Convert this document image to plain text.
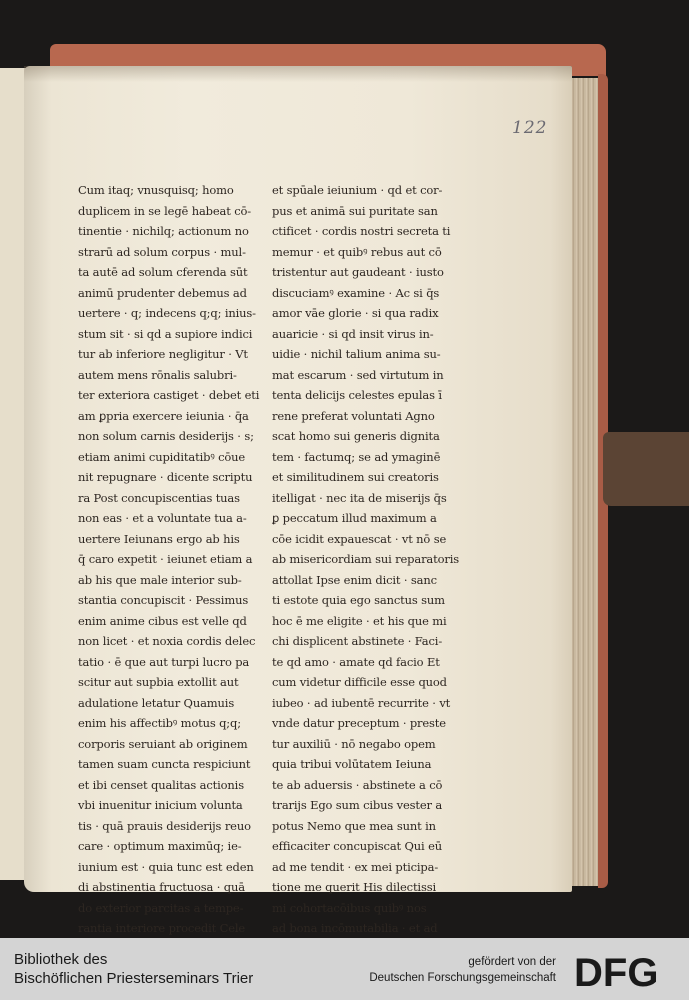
122
Cum itaq; vnusquisq; homo
duplicem in se legē habeat cō-
tinentie · nichilq; actionum no
strarū ad solum corpus · mul-
ta autē ad solum cferenda sūt
animū prudenter debemus ad
uertere · q; indecens q;q; inius-
stum sit · si qd a supiore indici
tur ab inferiore negligitur · Vt
autem mens rōnalis salubri-
ter exteriora castiget · debet eti
am ꝑpria exercere ieiunia · q̄a
non solum carnis desiderijs · s;
etiam animi cupiditatibꝰ cōue
nit repugnare · dicente scriptu
ra Post concupiscentias tuas
non eas · et a voluntate tua a-
uertere Ieiunans ergo ab his
q̄ caro expetit · ieiunet etiam a
ab his que male interior sub-
stantia concupiscit · Pessimus
enim anime cibus est velle qd
non licet · et noxia cordis delec
tatio · ē que aut turpi lucro pa
scitur aut supbia extollit aut
adulatione letatur Quamuis
enim his affectibꝰ motus q;q;
corporis seruiant ab originem
tamen suam cuncta respiciunt
et ibi censet qualitas actionis
vbi inuenitur inicium volunta
tis · quā prauis desiderijs reuo
care · optimum maximūq; ie-
iunium est · quia tunc est eden
di abstinentia fructuosa · quā
do exterior parcitas a tempe-
rantia interiore procedit Cele
et spūale ieiunium · qd et cor-
pus et animā sui puritate san
ctificet · cordis nostri secreta ti
memur · et quibꝰ rebus aut cō
tristentur aut gaudeant · iusto
discuciamꝰ examine · Ac si q̄s
amor vāe glorie · si qua radix
auaricie · si qd insit virus in-
uidie · nichil talium anima su-
mat escarum · sed virtutum in
tenta delicijs celestes epulas ī
rene preferat voluntati Agno
scat homo sui generis dignita
tem · factumq; se ad ymaginē
et similitudinem sui creatoris
itelligat · nec ita de miserijs q̄s
ꝑ peccatum illud maximum a
cōe icidit expauescat · vt nō se
ab misericordiam sui reparatoris
attollat Ipse enim dicit · sanc
ti estote quia ego sanctus sum
hoc ē me eligite · et his que mi
chi displicent abstinete · Faci-
te qd amo · amate qd facio Et
cum videtur difficile esse quod
iubeo · ad iubentē recurrite · vt
vnde datur preceptum · preste
tur auxiliū · nō negabo opem
quia tribui volūtatem Ieiuna
te ab aduersis · abstinete a cō
trarijs Ego sum cibus vester a
potus Nemo que mea sunt in
efficaciter concupiscat Qui eū
ad me tendit · ex mei pticipa-
tione me querit His dilectissi
mi cohortacōibus quibꝰ nos
ad bona incōmutabilia · et ad
Bibliothek des
Bischöflichen Priesterseminars Trier
gefördert von der
Deutschen Forschungsgemeinschaft DFG
